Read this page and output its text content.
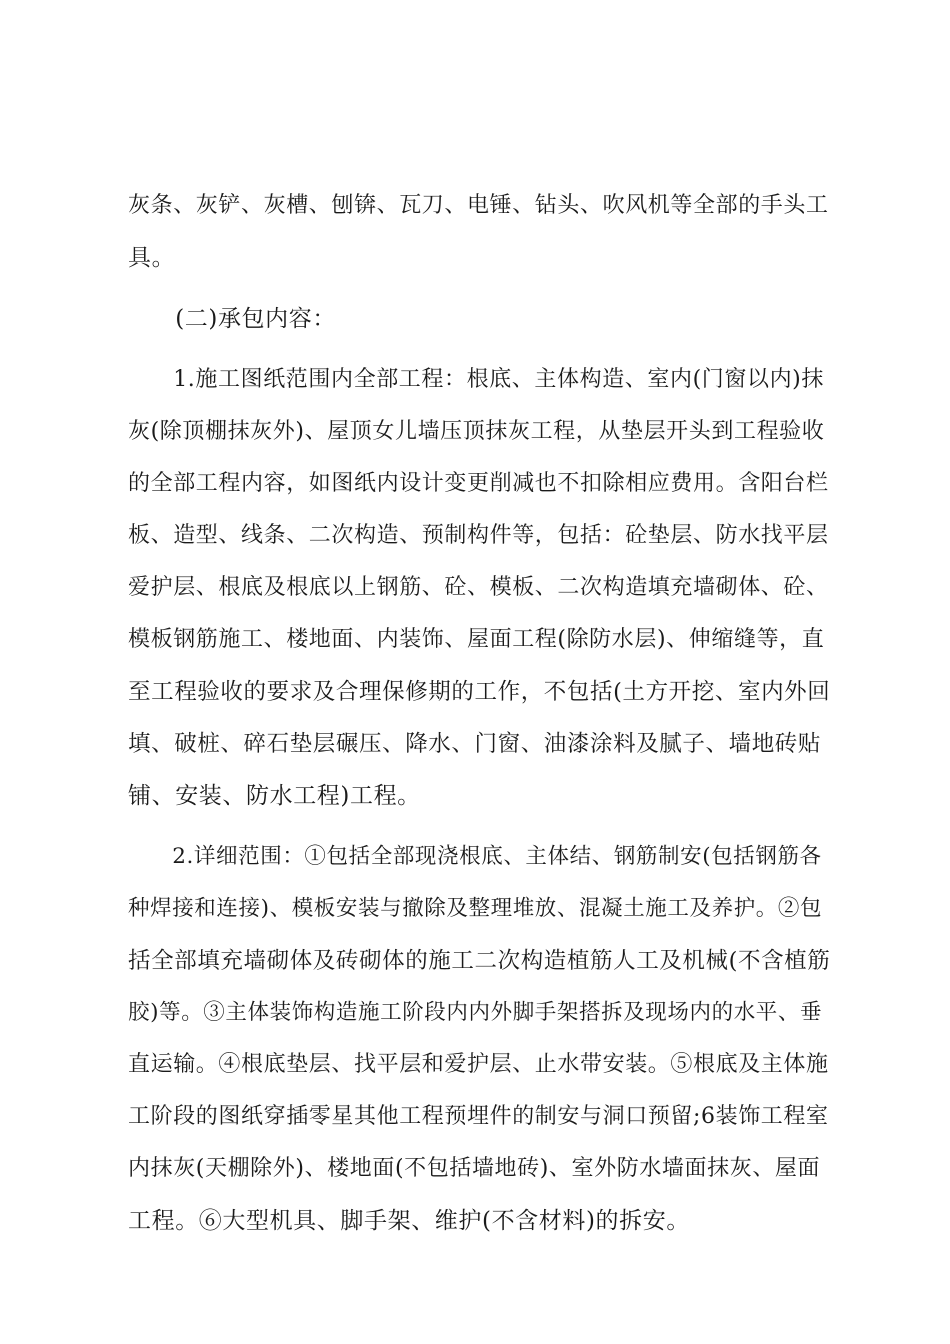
灰条、灰铲、灰槽、刨锛、瓦刀、电锤、钻头、吹风机等全部的手头工
具。
　　(二)承包内容：
　　1.施工图纸范围内全部工程：根底、主体构造、室内(门窗以内)抹
灰(除顶棚抹灰外)、屋顶女儿墙压顶抹灰工程，从垫层开头到工程验收
的全部工程内容，如图纸内设计变更削减也不扣除相应费用。含阳台栏
板、造型、线条、二次构造、预制构件等，包括：砼垫层、防水找平层
爱护层、根底及根底以上钢筋、砼、模板、二次构造填充墙砌体、砼、
模板钢筋施工、楼地面、内装饰、屋面工程(除防水层)、伸缩缝等，直
至工程验收的要求及合理保修期的工作，不包括(土方开挖、室内外回
填、破桩、碎石垫层碾压、降水、门窗、油漆涂料及腻子、墙地砖贴
铺、安装、防水工程)工程。
　　2.详细范围：①包括全部现浇根底、主体结、钢筋制安(包括钢筋各
种焊接和连接)、模板安装与撤除及整理堆放、混凝土施工及养护。②包
括全部填充墙砌体及砖砌体的施工二次构造植筋人工及机械(不含植筋
胶)等。③主体装饰构造施工阶段内内外脚手架搭拆及现场内的水平、垂
直运输。④根底垫层、找平层和爱护层、止水带安装。⑤根底及主体施
工阶段的图纸穿插零星其他工程预埋件的制安与洞口预留;6装饰工程室
内抹灰(天棚除外)、楼地面(不包括墙地砖)、室外防水墙面抹灰、屋面
工程。⑥大型机具、脚手架、维护(不含材料)的拆安。
